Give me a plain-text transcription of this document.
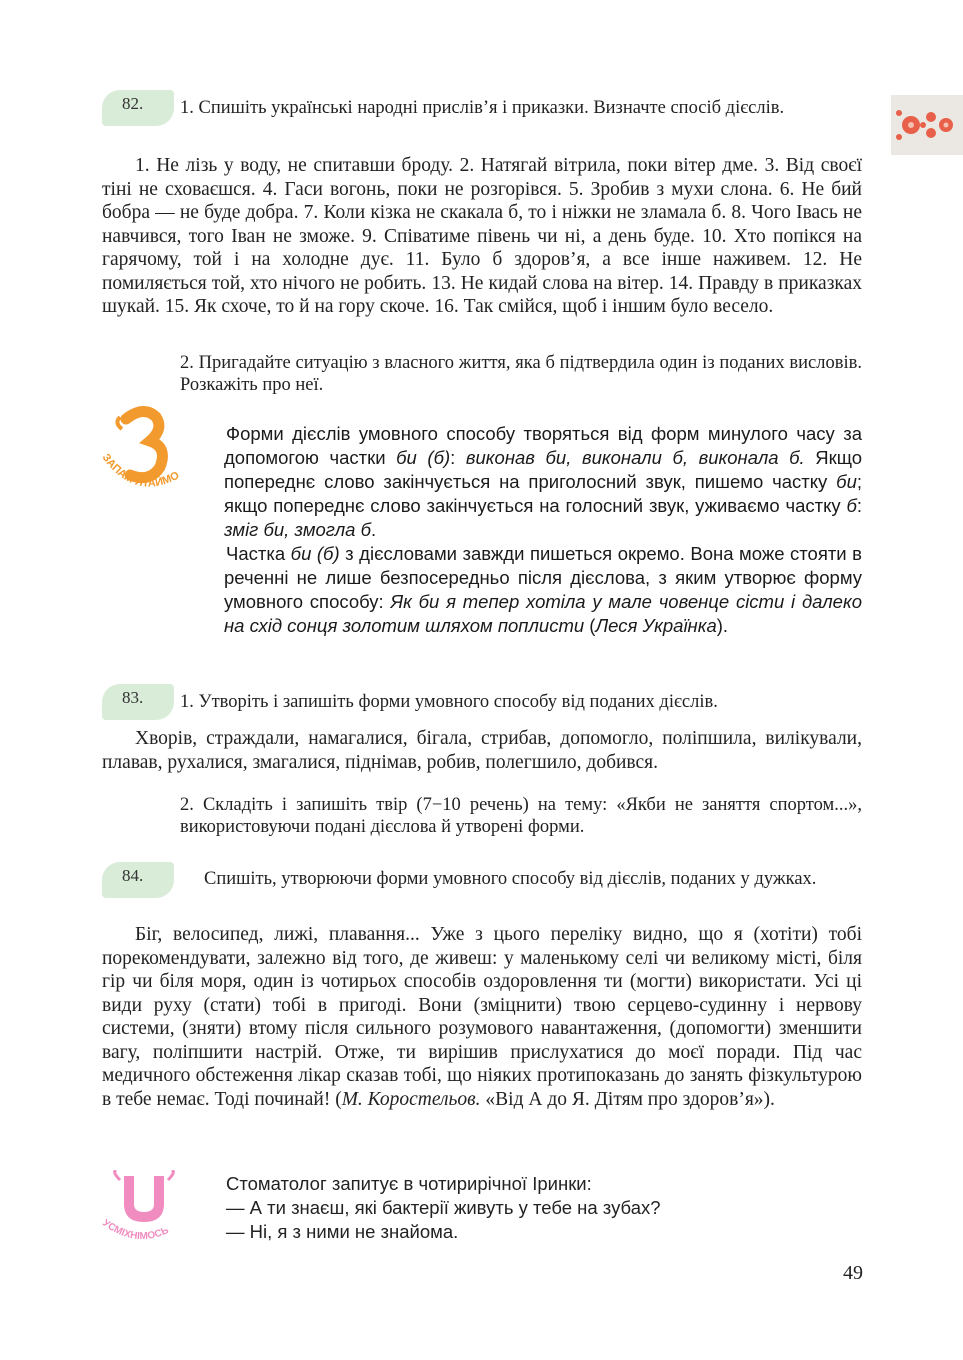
82.	1. Спишіть українські народні прислів’я і приказки. Визначте спосіб дієслів.
1. Не лізь у воду, не спитавши броду. 2. Натягай вітрила, поки вітер дме. 3. Від своєї тіні не сховаєшся. 4. Гаси вогонь, поки не розгорівся. 5. Зробив з мухи слона. 6. Не бий бобра — не буде добра. 7. Коли кізка не скакала б, то і ніжки не зламала б. 8. Чого Івась не навчився, того Іван не зможе. 9. Співатиме півень чи ні, а день буде. 10. Хто попікся на гарячому, той і на холодне дує. 11. Було б здоров’я, а все інше наживем. 12. Не помиляється той, хто нічого не робить. 13. Не кидай слова на вітер. 14. Правду в приказках шукай. 15. Як схоче, то й на гору скоче. 16. Так смійся, щоб і іншим було весело.
2. Пригадайте ситуацію з власного життя, яка б підтвердила один із поданих висловів. Розкажіть про неї.
ЗАПАМ’ЯТАЙМО
Форми дієслів умовного способу творяться від форм минулого часу за допомогою частки би (б): виконав би, виконали б, виконала б. Якщо попереднє слово закінчується на приголосний звук, пишемо частку би; якщо попереднє слово закінчується на голосний звук, уживаємо частку б: зміг би, змогла б.
Частка би (б) з дієсловами завжди пишеться окремо. Вона може стояти в реченні не лише безпосередньо після дієслова, з яким утворює форму умовного способу: Як би я тепер хотіла у мале човенце сісти і далеко на схід сонця золотим шляхом поплисти (Леся Українка).
83.	1. Утворіть і запишіть форми умовного способу від поданих дієслів.
Хворів, страждали, намагалися, бігала, стрибав, допомогло, поліпшила, вилікували, плавав, рухалися, змагалися, піднімав, робив, полегшило, добився.
2. Складіть і запишіть твір (7−10 речень) на тему: «Якби не заняття спортом...», використовуючи подані дієслова й утворені форми.
84.	Спишіть, утворюючи форми умовного способу від дієслів, поданих у дужках.
Біг, велосипед, лижі, плавання... Уже з цього переліку видно, що я (хотіти) тобі порекомендувати, залежно від того, де живеш: у маленькому селі чи великому місті, біля гір чи біля моря, один із чотирьох способів оздоровлення ти (могти) використати. Усі ці види руху (стати) тобі в пригоді. Вони (зміцнити) твою серцево-судинну і нервову системи, (зняти) втому після сильного розумового навантаження, (допомогти) зменшити вагу, поліпшити настрій. Отже, ти вирішив прислухатися до моєї поради. Під час медичного обстеження лікар сказав тобі, що ніяких протипоказань до занять фізкультурою в тебе немає. Тоді починай! (М. Коростельов. «Від А до Я. Дітям про здоров’я»).
УСМІХНІМОСЬ
Стоматолог запитує в чотирирічної Іринки:
— А ти знаєш, які бактерії живуть у тебе на зубах?
— Ні, я з ними не знайома.
49
